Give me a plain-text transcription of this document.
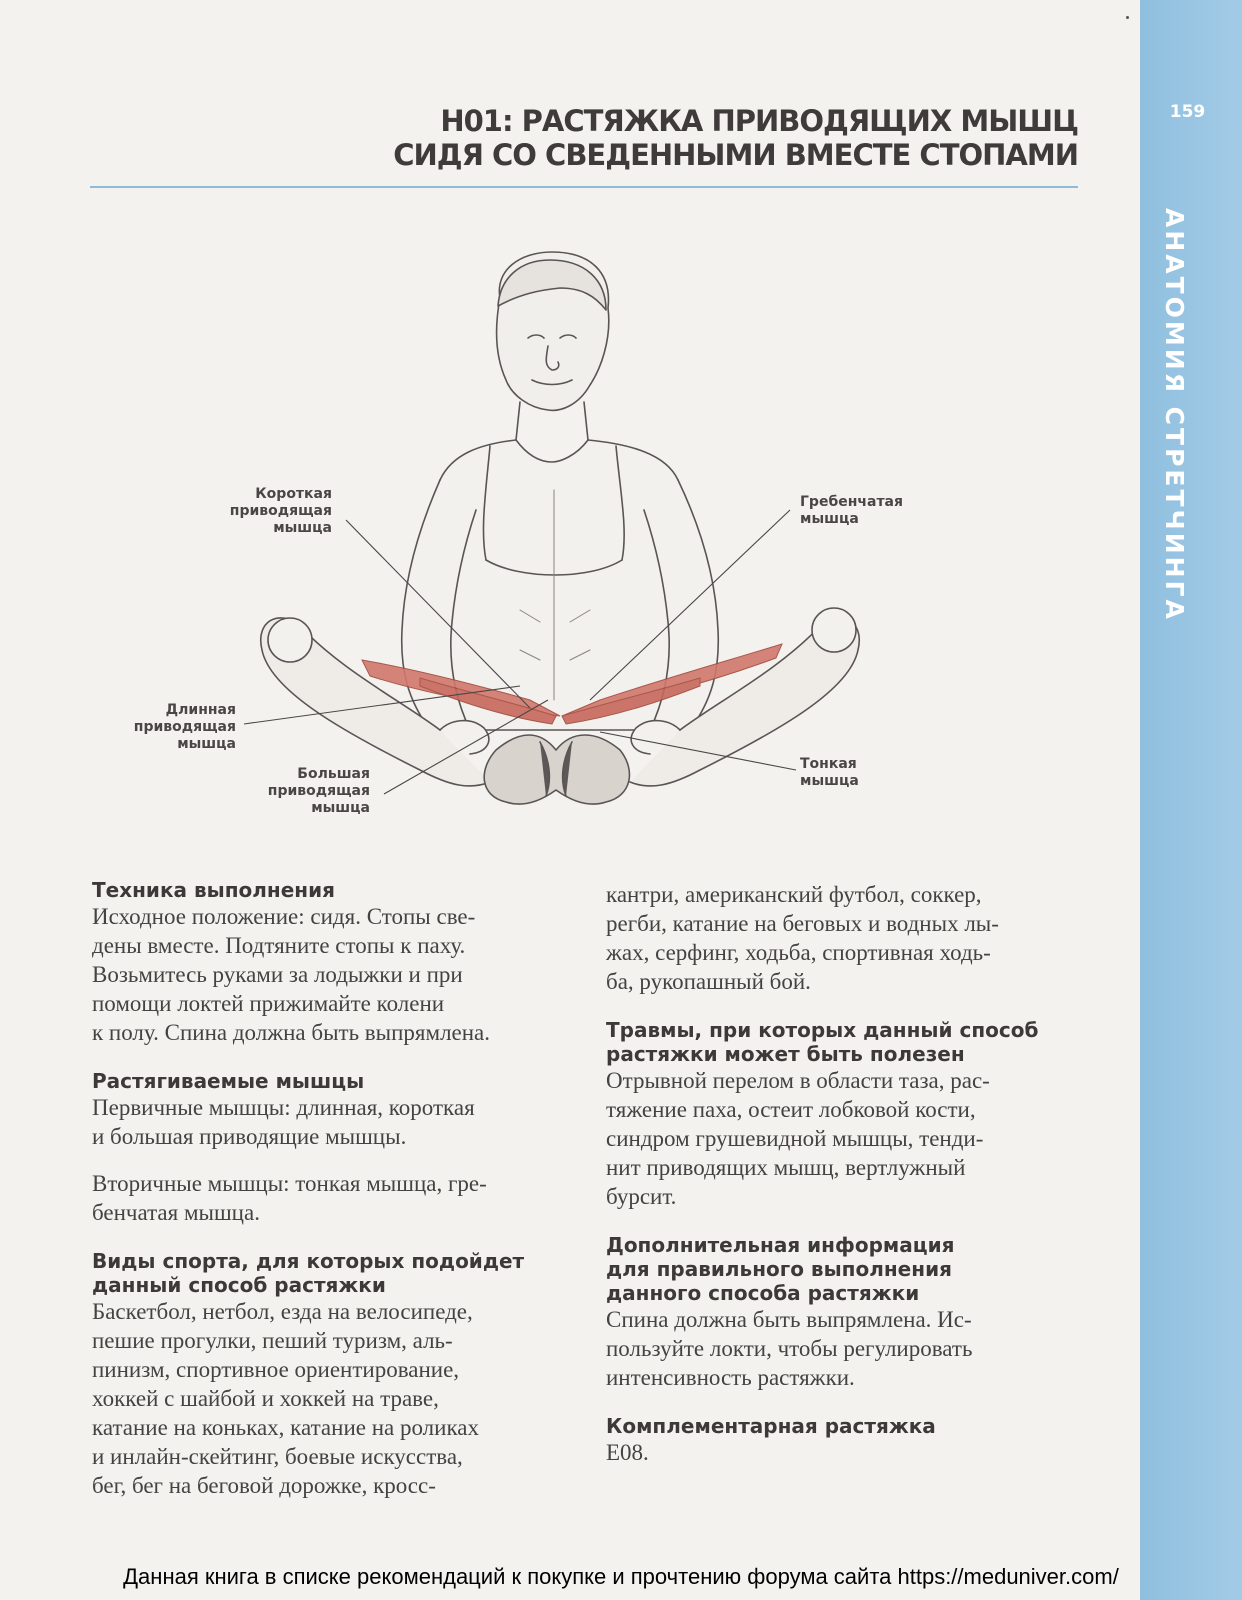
159
АНАТОМИЯ СТРЕТЧИНГА
H01: РАСТЯЖКА ПРИВОДЯЩИХ МЫШЦ
СИДЯ СО СВЕДЕННЫМИ ВМЕСТЕ СТОПАМИ
Короткая
приводящая
мышца
Гребенчатая
мышца
Длинная
приводящая
мышца
Большая
приводящая
мышца
Тонкая
мышца

Техника выполнения

Исходное положение: сидя. Стопы све-
дены вместе. Подтяните стопы к паху.
Возьмитесь руками за лодыжки и при
помощи локтей прижимайте колени
к полу. Спина должна быть выпрямлена.

Растягиваемые мышцы

Первичные мышцы: длинная, короткая
и большая приводящие мышцы.

Вторичные мышцы: тонкая мышца, гре-
бенчатая мышца.

Виды спорта, для которых подойдет
данный способ растяжки

Баскетбол, нетбол, езда на велосипеде,
пешие прогулки, пеший туризм, аль-
пинизм, спортивное ориентирование,
хоккей с шайбой и хоккей на траве,
катание на коньках, катание на роликах
и инлайн-скейтинг, боевые искусства,
бег, бег на беговой дорожке, кросс-

кантри, американский футбол, соккер,
регби, катание на беговых и водных лы-
жах, серфинг, ходьба, спортивная ходь-
ба, рукопашный бой.

Травмы, при которых данный способ
растяжки может быть полезен

Отрывной перелом в области таза, рас-
тяжение паха, остеит лобковой кости,
синдром грушевидной мышцы, тенди-
нит приводящих мышц, вертлужный
бурсит.

Дополнительная информация
для правильного выполнения
данного способа растяжки

Спина должна быть выпрямлена. Ис-
пользуйте локти, чтобы регулировать
интенсивность растяжки.

Комплементарная растяжка

E08.

Данная книга в списке рекомендаций к покупке и прочтению форума сайта https://meduniver.com/
